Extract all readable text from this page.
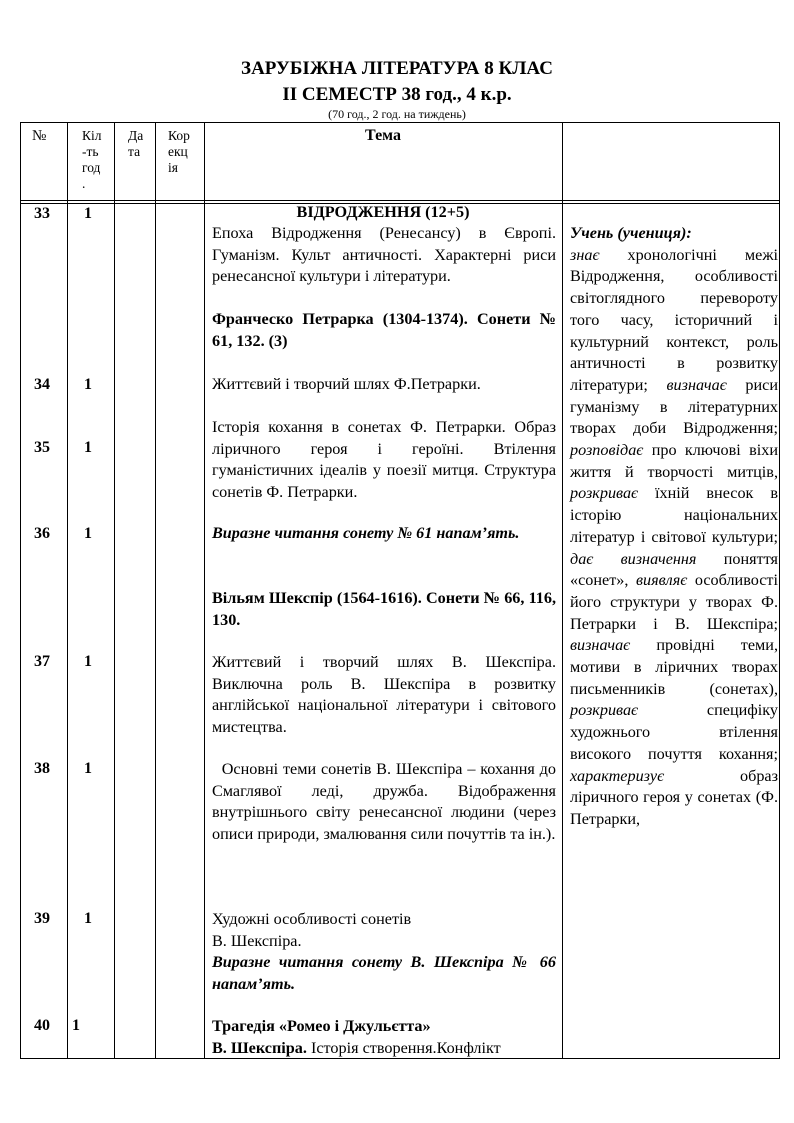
ЗАРУБІЖНА ЛІТЕРАТУРА 8 КЛАС
ІІ СЕМЕСТР 38 год., 4 к.р.
(70 год., 2 год. на тиждень)
№	Кіл
-ть
год
.
Да
та
Кор
екц
ія
Тема
33 1
34 1
35 1
36 1
37 1
38 1
39 1
40 1
ВІДРОДЖЕННЯ (12+5)
Епоха Відродження (Ренесансу) в Європі. Гуманізм. Культ античності. Характерні риси ренесансної культури і літератури.
Франческо Петрарка (1304-1374). Сонети № 61, 132. (3)
Життєвий і творчий шлях Ф.Петрарки.
Історія кохання в сонетах Ф. Петрарки. Образ ліричного героя і героїні. Втілення гуманістичних ідеалів у поезії митця. Структура сонетів Ф. Петрарки.
Виразне читання сонету № 61 напам’ять.
Вільям Шекспір (1564-1616). Сонети № 66, 116, 130.
Життєвий і творчий шлях В. Шекспіра. Виключна роль В. Шекспіра в розвитку англійської національної літератури і світового мистецтва.
Основні теми сонетів В. Шекспіра – кохання до Смаглявої леді, дружба. Відображення внутрішнього світу ренесансної людини (через описи природи, змалювання сили почуттів та ін.).
Художні особливості сонетів
В. Шекспіра.
Виразне читання сонету В. Шекспіра № 66 напам’ять.
Трагедія «Ромео і Джульєтта»
В. Шекспіра. Історія створення.Конфлікт

Учень (учениця):

знає хронологічні межі Відродження, особливості світоглядного перевороту того часу, історичний і культурний контекст, роль античності в розвитку літератури; визначає риси гуманізму в літературних творах доби Відродження; розповідає про ключові віхи життя й творчості митців, розкриває їхній внесок в історію національних літератур і світової культури; дає визначення поняття «сонет», виявляє особливості його структури у творах Ф. Петрарки і В. Шекспіра; визначає провідні теми, мотиви в ліричних творах письменників (сонетах), розкриває специфіку художнього втілення високого почуття кохання; характеризує образ ліричного героя у сонетах (Ф. Петрарки,
